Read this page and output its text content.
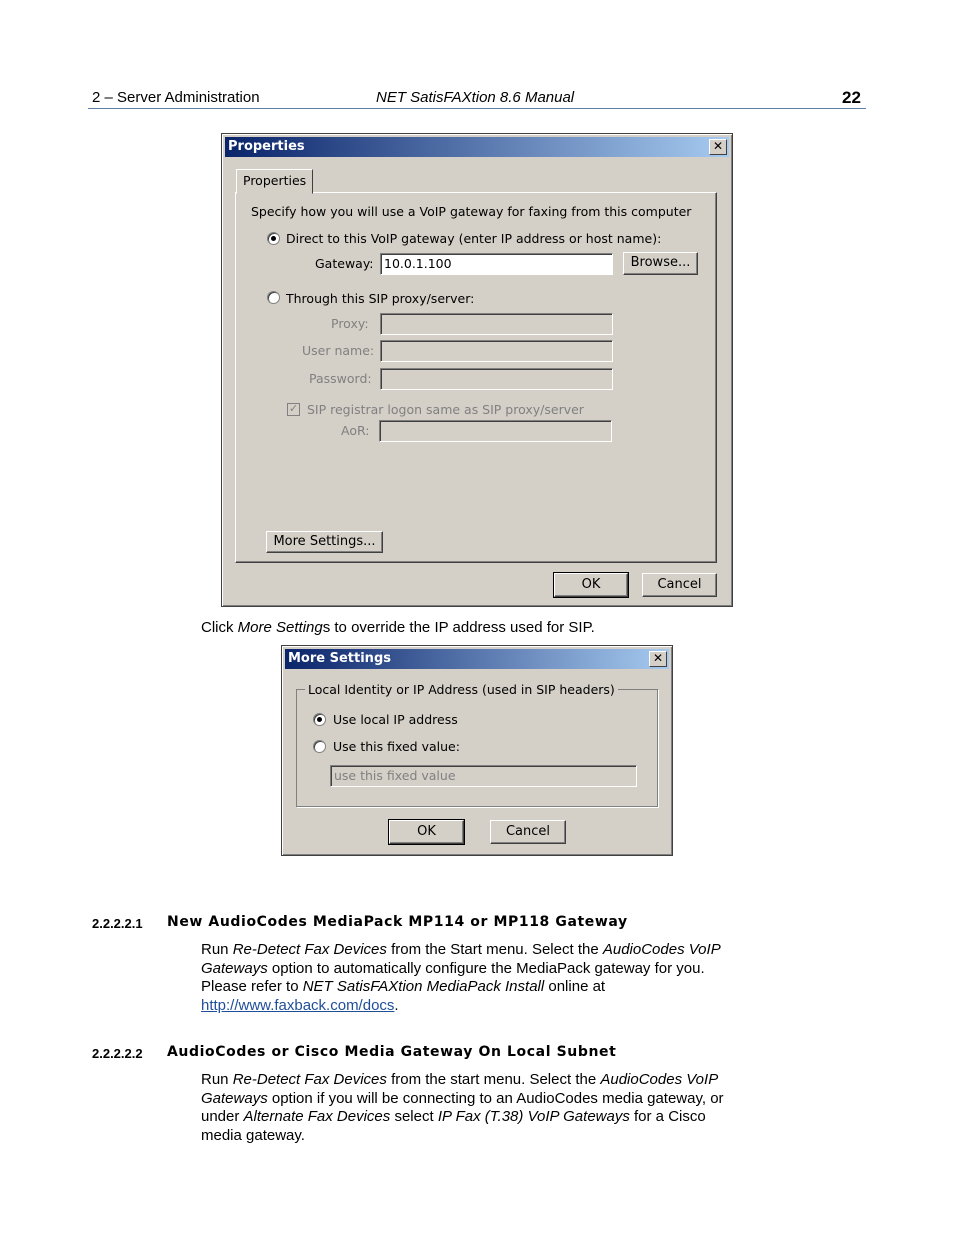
2 – Server Administration	NET SatisFAXtion 8.6 Manual	22
Properties	✕
Properties
Specify how you will use a VoIP gateway for faxing from this computer
Direct to this VoIP gateway (enter IP address or host name):
Gateway: 10.0.1.100	Browse...
Through this SIP proxy/server:
Proxy:
User name:
Password:
✓ SIP registrar logon same as SIP proxy/server
AoR:
More Settings...
OK	Cancel
Click More Settings to override the IP address used for SIP.
More Settings	✕
Local Identity or IP Address (used in SIP headers)
Use local IP address
Use this fixed value:
use this fixed value
OK	Cancel
2.2.2.2.1 New AudioCodes MediaPack MP114 or MP118 Gateway
Run Re-Detect Fax Devices from the Start menu. Select the AudioCodes VoIP Gateways option to automatically configure the MediaPack gateway for you. Please refer to NET SatisFAXtion MediaPack Install online at
http://www.faxback.com/docs.
2.2.2.2.2 AudioCodes or Cisco Media Gateway On Local Subnet
Run Re-Detect Fax Devices from the start menu. Select the AudioCodes VoIP Gateways option if you will be connecting to an AudioCodes media gateway, or under Alternate Fax Devices select IP Fax (T.38) VoIP Gateways for a Cisco media gateway.
